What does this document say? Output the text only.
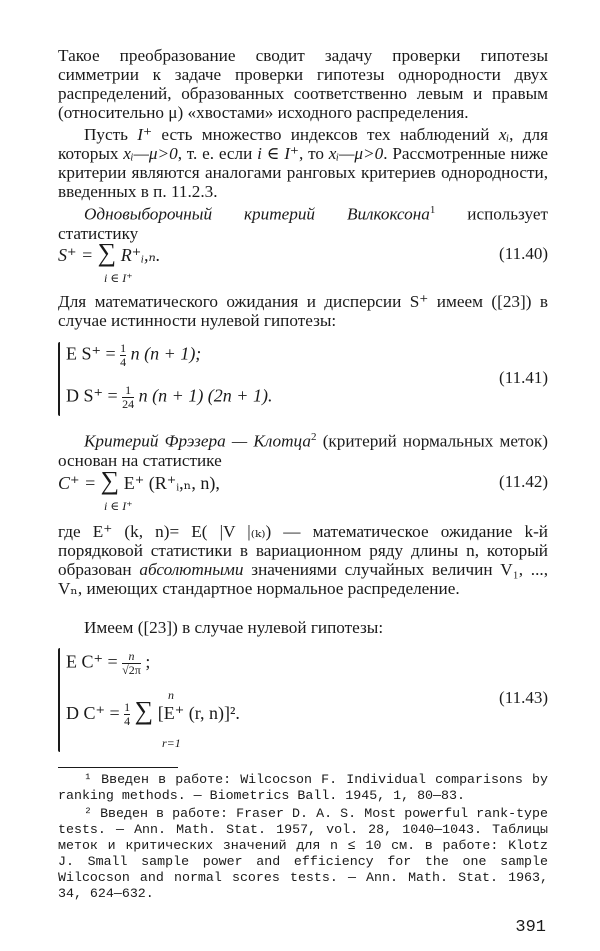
Такое преобразование сводит задачу проверки гипотезы симметрии к задаче проверки гипотезы однородности двух распределений, образованных соответственно левым и правым (относительно μ) «хвостами» исходного распределения.

Пусть I⁺ есть множество индексов тех наблюдений xᵢ, для которых xᵢ—μ>0, т. е. если i ∈ I⁺, то xᵢ—μ>0. Рассмотренные ниже критерии являются аналогами ранговых критериев однородности, введенных в п. 11.2.3.

Одновыборочный критерий Вилкоксона$^1$ использует статистику

S⁺ = ∑ R⁺ᵢ,ₙ.
i ∈ I⁺
(11.40)

Для математического ожидания и дисперсии S⁺ имеем ([23]) в случае истинности нулевой гипотезы:

E $S^+ = \frac{1}{4}$ n (n + 1);
D $S^+ = \frac{1}{24}$ n (n + 1) (2n + 1).
(11.41)

Критерий Фрэзера — Клотца$^2$ (критерий нормальных меток) основан на статистике

C⁺ = ∑ E⁺ (R⁺ᵢ,ₙ, n),
i ∈ I⁺
(11.42)

где E⁺ (k, n)= E( |V |₍ₖ₎) — математическое ожидание k-й порядковой статистики в вариационном ряду длины n, который образован абсолютными значениями случайных величин V₁, ..., Vₙ, имеющих стандартное нормальное распределение.

Имеем ([23]) в случае нулевой гипотезы:

E $C^+ = \frac{n}{√2\pi}$ ;
D $C^+ = \frac{1}{4}$ ∑ [E⁺ (r, n)]².
n
r=1
(11.43)

¹ Введен в работе: Wilcocson F. Individual comparisons by ranking methods. — Biometrics Ball. 1945, 1, 80—83.

² Введен в работе: Fraser D. A. S. Most powerful rank-type tests. — Ann. Math. Stat. 1957, vol. 28, 1040—1043. Таблицы меток и критических значений для n ≤ 10 см. в работе: Klotz J. Small sample power and efficiency for the one sample Wilcocson and normal scores tests. — Ann. Math. Stat. 1963, 34, 624—632.

391
